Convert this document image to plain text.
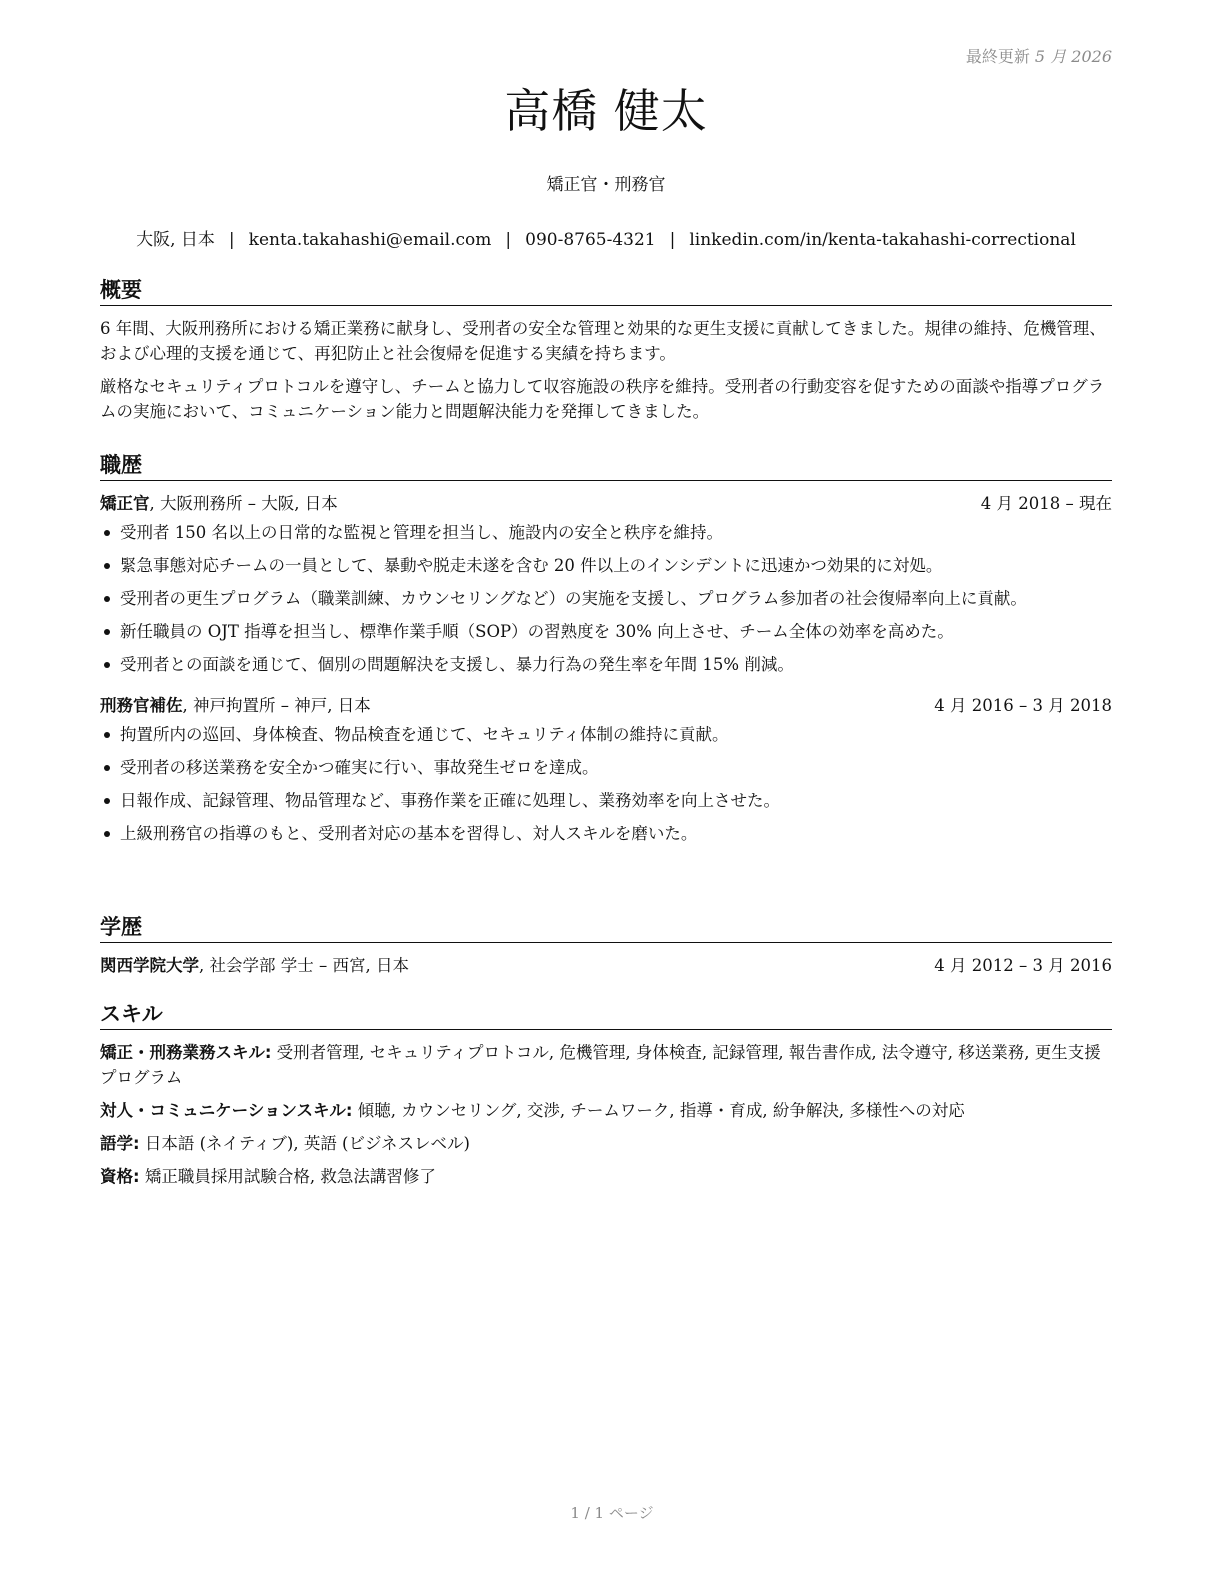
最終更新 5 月 2026
高橋 健太
矯正官・刑務官
大阪, 日本 | kenta.takahashi@email.com | 090-8765-4321 | linkedin.com/in/kenta-takahashi-correctional
概要

6 年間、大阪刑務所における矯正業務に献身し、受刑者の安全な管理と効果的な更生支援に貢献してきました。規律の維持、危機管理、および心理的支援を通じて、再犯防止と社会復帰を促進する実績を持ちます。

厳格なセキュリティプロトコルを遵守し、チームと協力して収容施設の秩序を維持。受刑者の行動変容を促すための面談や指導プログラムの実施において、コミュニケーション能力と問題解決能力を発揮してきました。

職歴
矯正官, 大阪刑務所 – 大阪, 日本	4 月 2018 – 現在
受刑者 150 名以上の日常的な監視と管理を担当し、施設内の安全と秩序を維持。
緊急事態対応チームの一員として、暴動や脱走未遂を含む 20 件以上のインシデントに迅速かつ効果的に対処。
受刑者の更生プログラム（職業訓練、カウンセリングなど）の実施を支援し、プログラム参加者の社会復帰率向上に貢献。
新任職員の OJT 指導を担当し、標準作業手順（SOP）の習熟度を 30% 向上させ、チーム全体の効率を高めた。
受刑者との面談を通じて、個別の問題解決を支援し、暴力行為の発生率を年間 15% 削減。
刑務官補佐, 神戸拘置所 – 神戸, 日本	4 月 2016 – 3 月 2018
拘置所内の巡回、身体検査、物品検査を通じて、セキュリティ体制の維持に貢献。
受刑者の移送業務を安全かつ確実に行い、事故発生ゼロを達成。
日報作成、記録管理、物品管理など、事務作業を正確に処理し、業務効率を向上させた。
上級刑務官の指導のもと、受刑者対応の基本を習得し、対人スキルを磨いた。
学歴
関西学院大学, 社会学部 学士 – 西宮, 日本	4 月 2012 – 3 月 2016
スキル

矯正・刑務業務スキル: 受刑者管理, セキュリティプロトコル, 危機管理, 身体検査, 記録管理, 報告書作成, 法令遵守, 移送業務, 更生支援プログラム

対人・コミュニケーションスキル: 傾聴, カウンセリング, 交渉, チームワーク, 指導・育成, 紛争解決, 多様性への対応

語学: 日本語 (ネイティブ), 英語 (ビジネスレベル)

資格: 矯正職員採用試験合格, 救急法講習修了

1 / 1 ページ
